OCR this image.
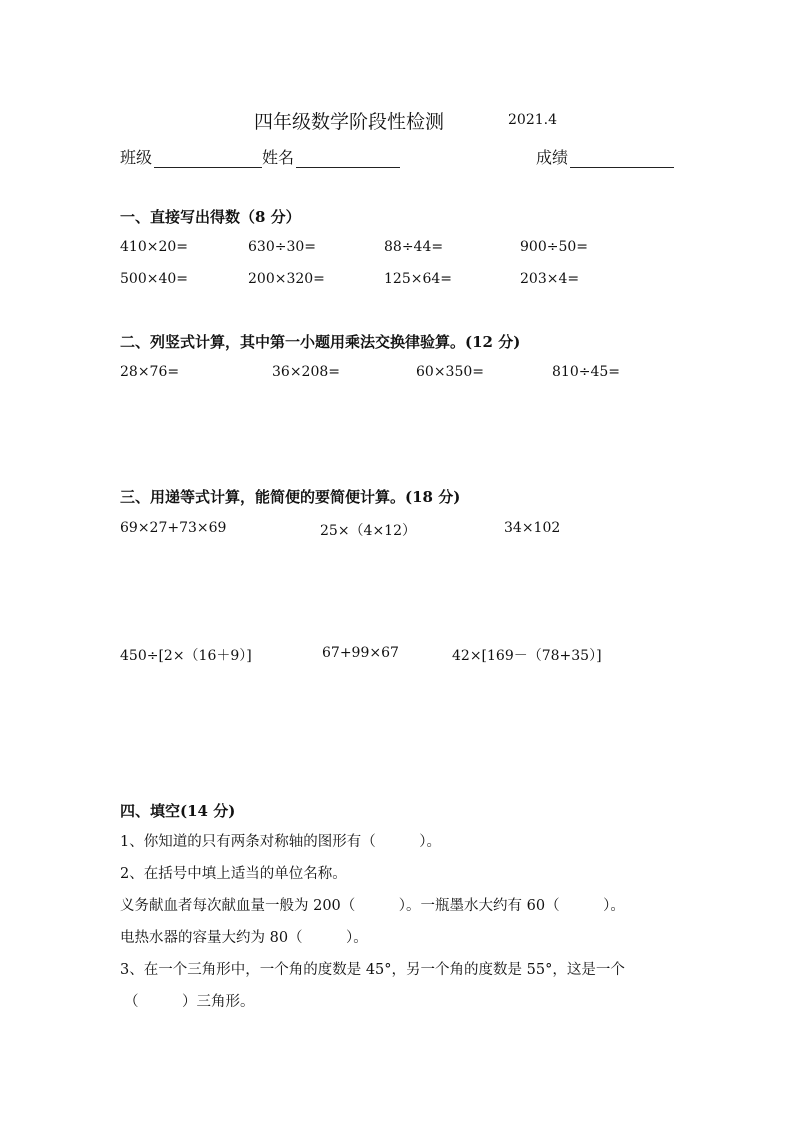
四年级数学阶段性检测	2021.4
班级	姓名	成绩
一、直接写出得数（8 分）
410×20=	630÷30=	88÷44=	900÷50=
500×40=	200×320=	125×64=	203×4=
二、列竖式计算，其中第一小题用乘法交换律验算。(12 分)
28×76=	36×208=	60×350=	810÷45=
三、用递等式计算，能简便的要简便计算。(18 分)
69×27+73×69	25×（4×12）	34×102
450÷[2×（16＋9）]	67+99×67	42×[169－（78+35）]
四、填空(14 分)
1、你知道的只有两条对称轴的图形有（　　　）。
2、在括号中填上适当的单位名称。
义务献血者每次献血量一般为 200（　　　）。一瓶墨水大约有 60（　　　）。
电热水器的容量大约为 80（　　　）。
3、在一个三角形中，一个角的度数是 45°，另一个角的度数是 55°，这是一个
（　　　）三角形。
